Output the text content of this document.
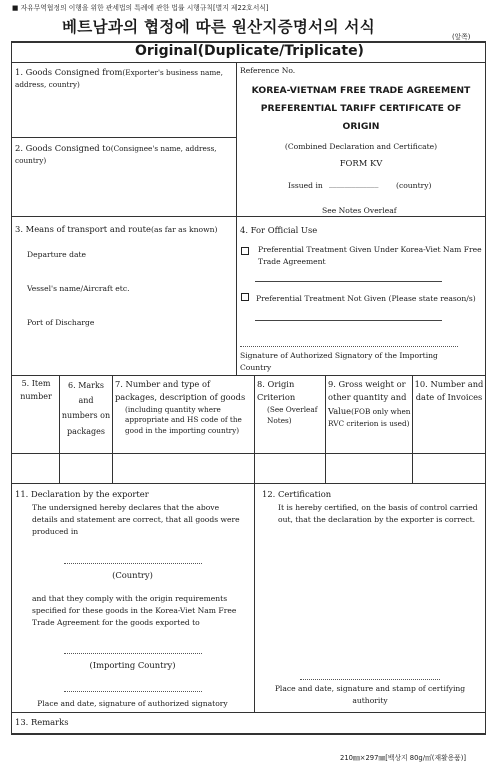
■ 자유무역협정의 이행을 위한 관세법의 특례에 관한 법률 시행규칙[별지 제22호서식]
베트남과의 협정에 따른 원산지증명서의 서식
(앞쪽)
Original(Duplicate/Triplicate)
1. Goods Consigned from(Exporter's business name, address, country)
2. Goods Consigned to(Consignee's name, address, country)
Reference No.
KOREA-VIETNAM FREE TRADE AGREEMENT
PREFERENTIAL TARIFF CERTIFICATE OF
ORIGIN
(Combined Declaration and Certificate)
FORM KV
Issued in _____________ (country)
See Notes Overleaf
3. Means of transport and route(as far as known)
Departure date
Vessel's name/Aircraft etc.
Port of Discharge
4. For Official Use
Preferential Treatment Given Under Korea-Viet Nam Free Trade Agreement
Preferential Treatment Not Given (Please state reason/s)
Signature of Authorized Signatory of the Importing Country
5. Item number
6. Marks and numbers on packages
7. Number and type of packages, description of goods
(including quantity where appropriate and HS code of the good in the importing country)
8. Origin Criterion
(See Overleaf Notes)
9. Gross weight or other quantity and Value(FOB only when RVC criterion is used)
10. Number and date of Invoices
11. Declaration by the exporter
The undersigned hereby declares that the above details and statement are correct, that all goods were produced in
(Country)
and that they comply with the origin requirements specified for these goods in the Korea-Viet Nam Free Trade Agreement for the goods exported to
(Importing Country)
Place and date, signature of authorized signatory
12. Certification
It is hereby certified, on the basis of control carried out, that the declaration by the exporter is correct.
Place and date, signature and stamp of certifying authority
13. Remarks
210㎜×297㎜[백상지 80g/㎡(재활용품)]
